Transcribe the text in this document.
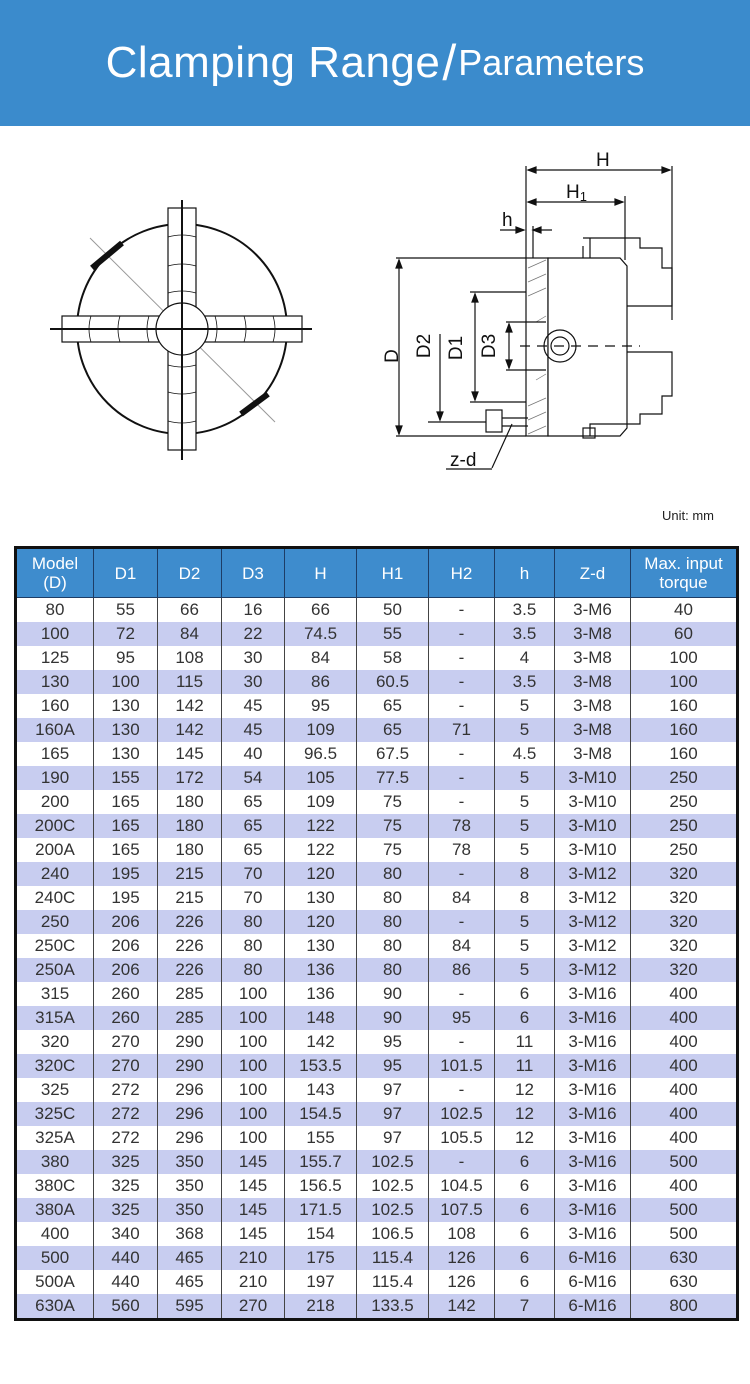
Clamping Range / Parameters
H
H1
h
D D2 D1 D3
z-d
Unit: mm
Model
(D)	D1	D2	D3	H	H1	H2	h	Z-d	Max. input
torque

80	55	66	16	66	50	-	3.5	3-M6	40
100	72	84	22	74.5	55	-	3.5	3-M8	60
125	95	108	30	84	58	-	4	3-M8	100
130	100	115	30	86	60.5	-	3.5	3-M8	100
160	130	142	45	95	65	-	5	3-M8	160
160A	130	142	45	109	65	71	5	3-M8	160
165	130	145	40	96.5	67.5	-	4.5	3-M8	160
190	155	172	54	105	77.5	-	5	3-M10	250
200	165	180	65	109	75	-	5	3-M10	250
200C	165	180	65	122	75	78	5	3-M10	250
200A	165	180	65	122	75	78	5	3-M10	250
240	195	215	70	120	80	-	8	3-M12	320
240C	195	215	70	130	80	84	8	3-M12	320
250	206	226	80	120	80	-	5	3-M12	320
250C	206	226	80	130	80	84	5	3-M12	320
250A	206	226	80	136	80	86	5	3-M12	320
315	260	285	100	136	90	-	6	3-M16	400
315A	260	285	100	148	90	95	6	3-M16	400
320	270	290	100	142	95	-	11	3-M16	400
320C	270	290	100	153.5	95	101.5	11	3-M16	400
325	272	296	100	143	97	-	12	3-M16	400
325C	272	296	100	154.5	97	102.5	12	3-M16	400
325A	272	296	100	155	97	105.5	12	3-M16	400
380	325	350	145	155.7	102.5	-	6	3-M16	500
380C	325	350	145	156.5	102.5	104.5	6	3-M16	400
380A	325	350	145	171.5	102.5	107.5	6	3-M16	500
400	340	368	145	154	106.5	108	6	3-M16	500
500	440	465	210	175	115.4	126	6	6-M16	630
500A	440	465	210	197	115.4	126	6	6-M16	630
630A	560	595	270	218	133.5	142	7	6-M16	800
